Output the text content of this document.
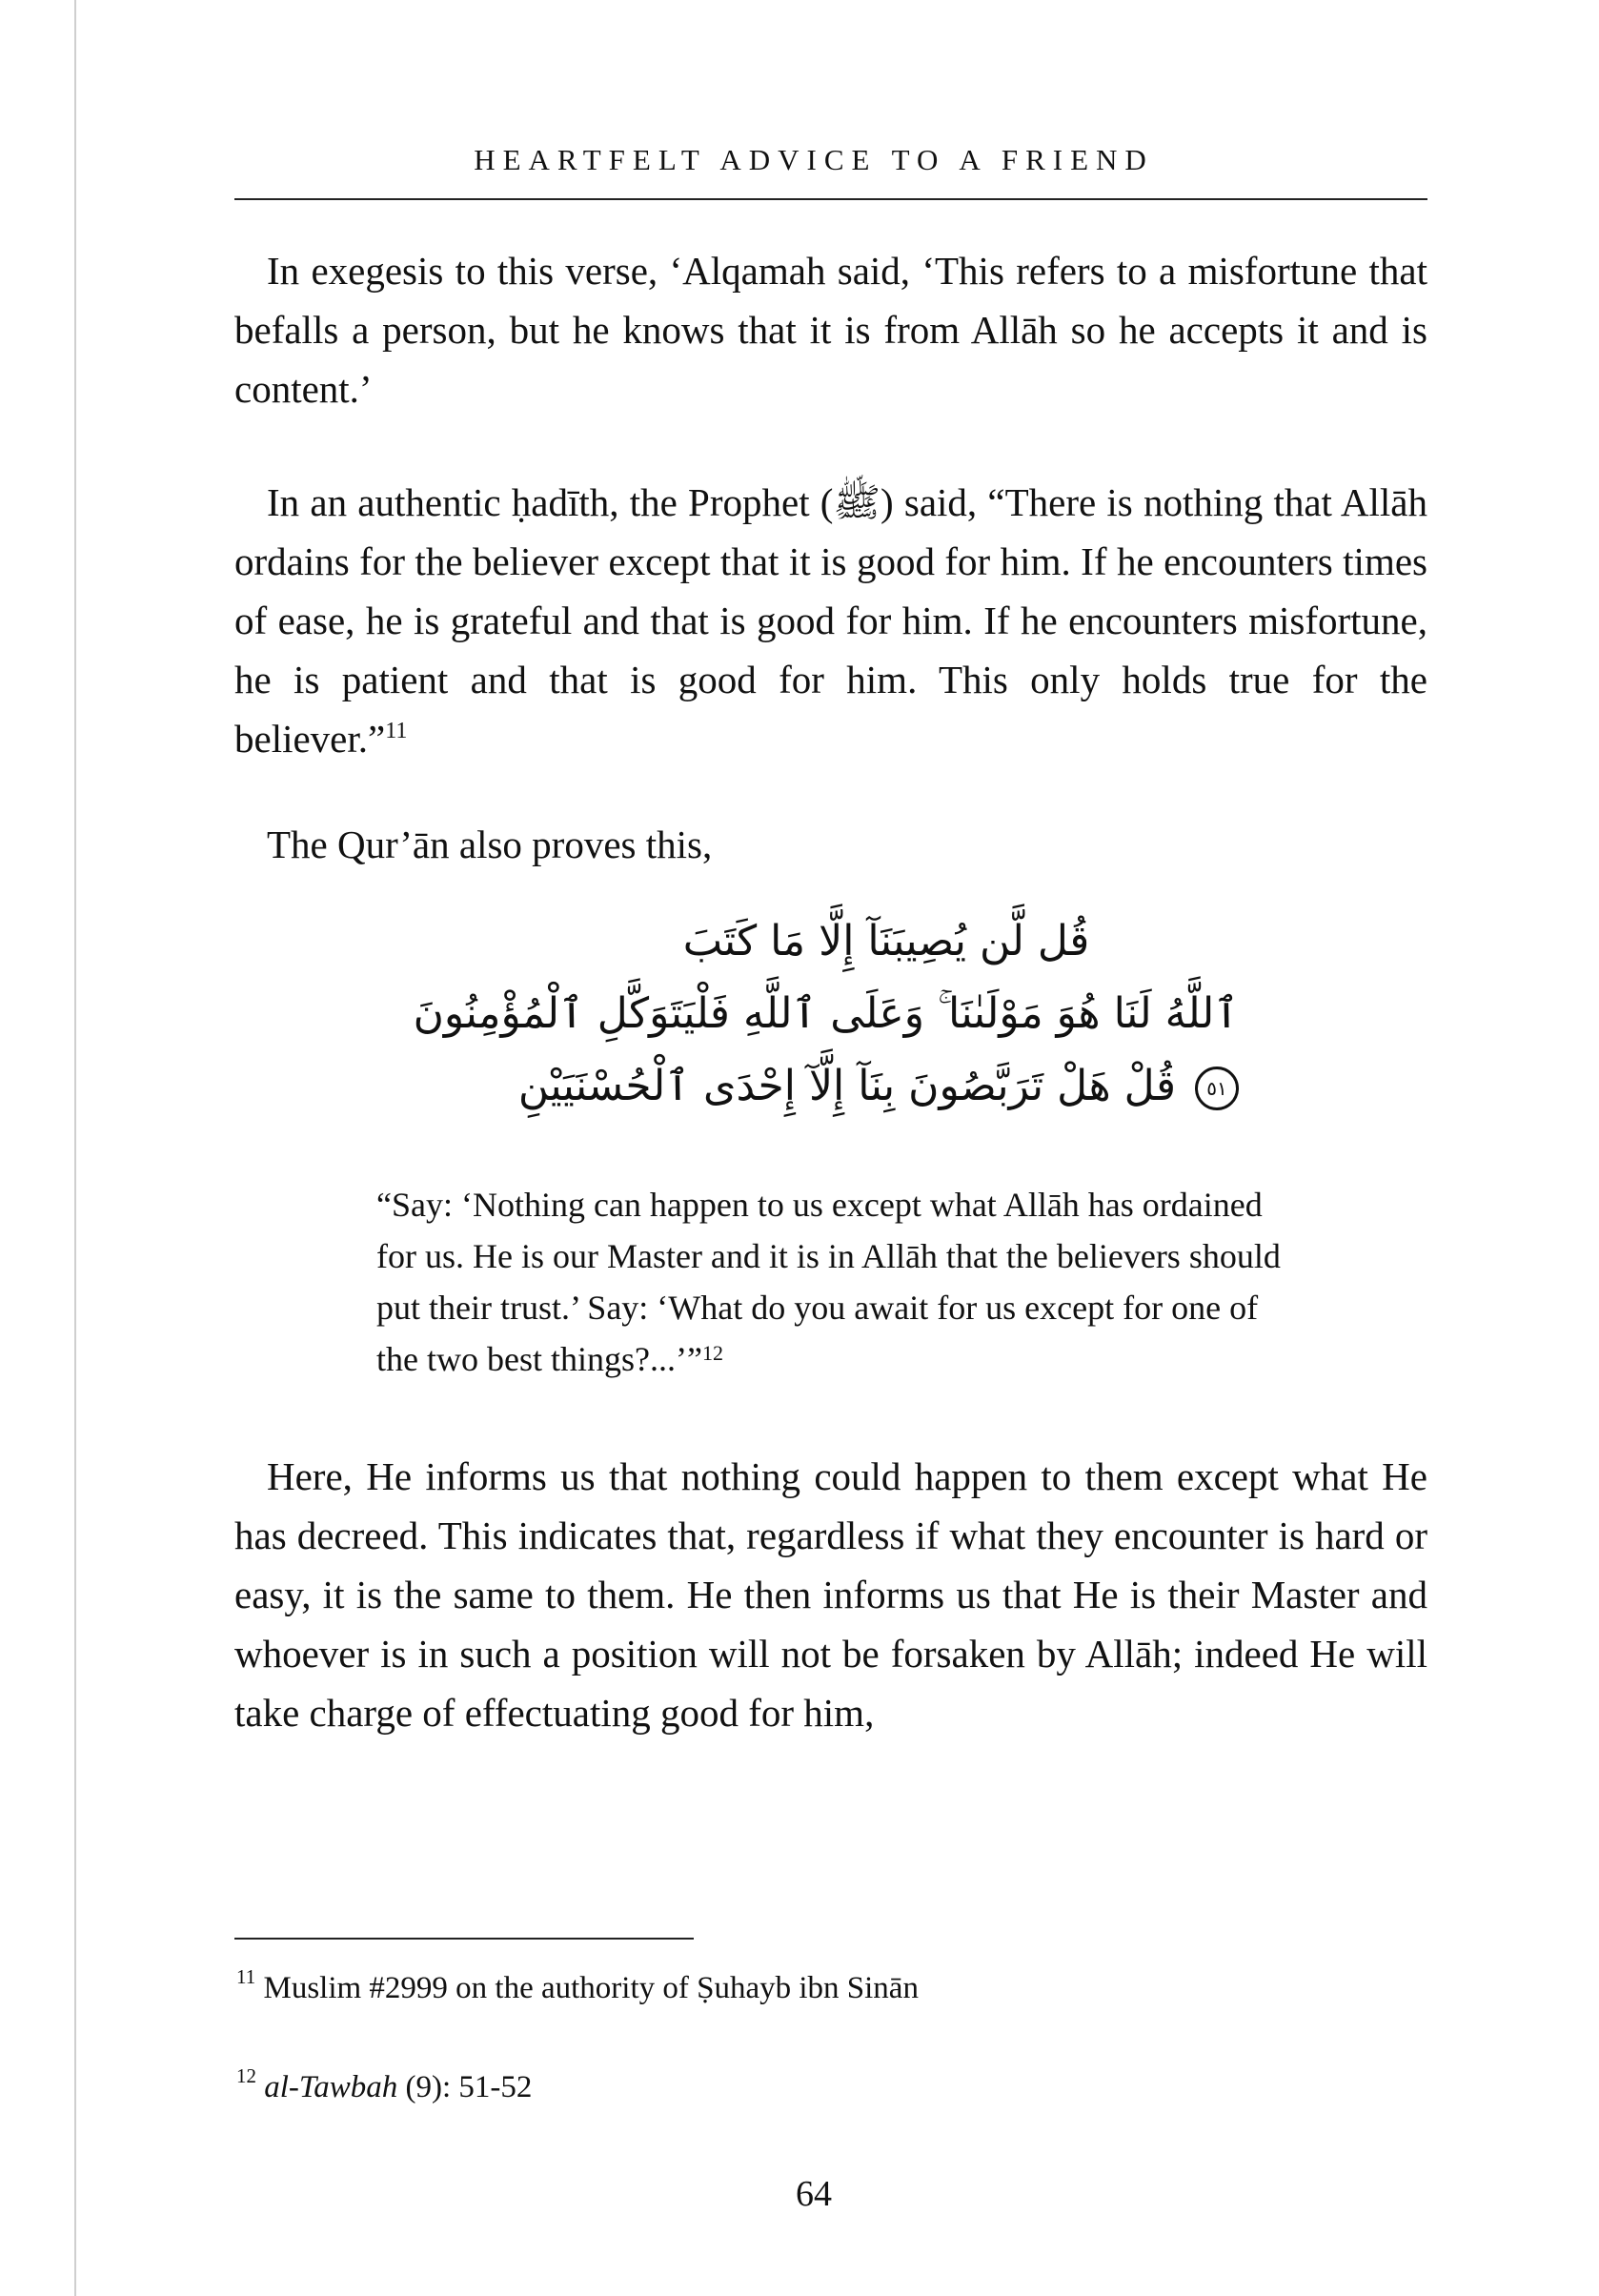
HEARTFELT ADVICE TO A FRIEND

In exegesis to this verse, ‘Alqamah said, ‘This refers to a misfortune that befalls a person, but he knows that it is from Allāh so he accepts it and is content.’

In an authentic ḥadīth, the Prophet (ﷺ) said, “There is nothing that Allāh ordains for the believer except that it is good for him. If he encounters times of ease, he is grateful and that is good for him. If he encounters misfortune, he is patient and that is good for him. This only holds true for the believer.”$^{11}$

The Qur’ān also proves this,

قُل لَّن يُصِيبَنَآ إِلَّا مَا كَتَبَ
ٱللَّهُ لَنَا هُوَ مَوْلَىٰنَا ۚ وَعَلَى ٱللَّهِ فَلْيَتَوَكَّلِ ٱلْمُؤْمِنُونَ
٥١ قُلْ هَلْ تَرَبَّصُونَ بِنَآ إِلَّآ إِحْدَى ٱلْحُسْنَيَيْنِ

“Say: ‘Nothing can happen to us except what Allāh has ordained for us. He is our Master and it is in Allāh that the believers should put their trust.’ Say: ‘What do you await for us except for one of the two best things?...’”$^{12}$

Here, He informs us that nothing could happen to them except what He has decreed. This indicates that, regardless if what they encounter is hard or easy, it is the same to them. He then informs us that He is their Master and whoever is in such a position will not be forsaken by Allāh; indeed He will take charge of effectuating good for him,

$^{11}$ Muslim #2999 on the authority of Ṣuhayb ibn Sinān

$^{12}$ al-Tawbah (9): 51-52

64
